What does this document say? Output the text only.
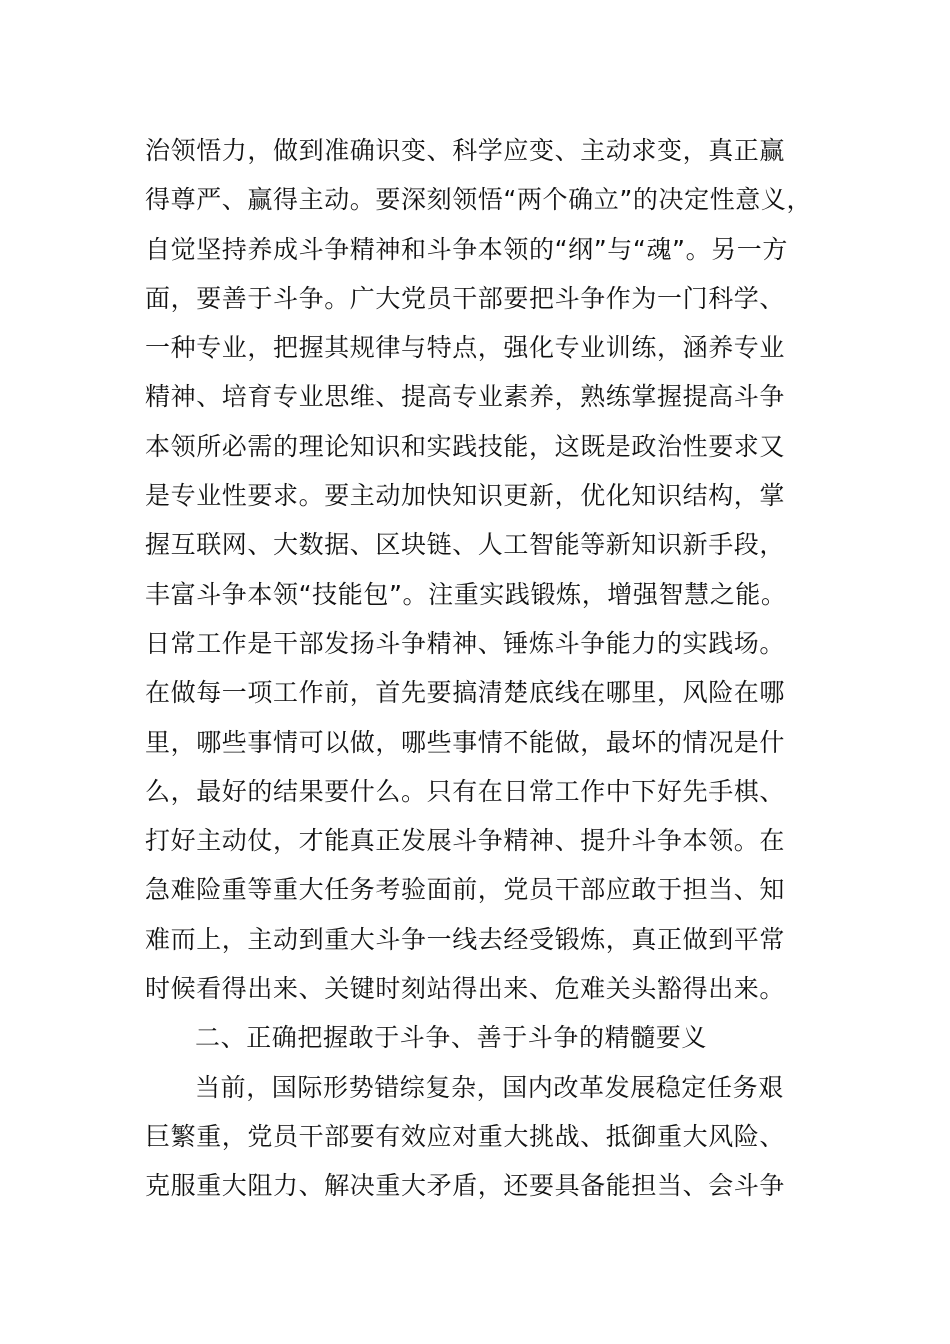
治领悟力，做到准确识变、科学应变、主动求变，真正赢
得尊严、赢得主动。要深刻领悟“两个确立”的决定性意义，
自觉坚持养成斗争精神和斗争本领的“纲”与“魂”。另一方
面，要善于斗争。广大党员干部要把斗争作为一门科学、
一种专业，把握其规律与特点，强化专业训练，涵养专业
精神、培育专业思维、提高专业素养，熟练掌握提高斗争
本领所必需的理论知识和实践技能，这既是政治性要求又
是专业性要求。要主动加快知识更新，优化知识结构，掌
握互联网、大数据、区块链、人工智能等新知识新手段，
丰富斗争本领“技能包”。注重实践锻炼，增强智慧之能。
日常工作是干部发扬斗争精神、锤炼斗争能力的实践场。
在做每一项工作前，首先要搞清楚底线在哪里，风险在哪
里，哪些事情可以做，哪些事情不能做，最坏的情况是什
么，最好的结果要什么。只有在日常工作中下好先手棋、
打好主动仗，才能真正发展斗争精神、提升斗争本领。在
急难险重等重大任务考验面前，党员干部应敢于担当、知
难而上，主动到重大斗争一线去经受锻炼，真正做到平常
时候看得出来、关键时刻站得出来、危难关头豁得出来。
二、正确把握敢于斗争、善于斗争的精髓要义
当前，国际形势错综复杂，国内改革发展稳定任务艰
巨繁重，党员干部要有效应对重大挑战、抵御重大风险、
克服重大阻力、解决重大矛盾，还要具备能担当、会斗争
